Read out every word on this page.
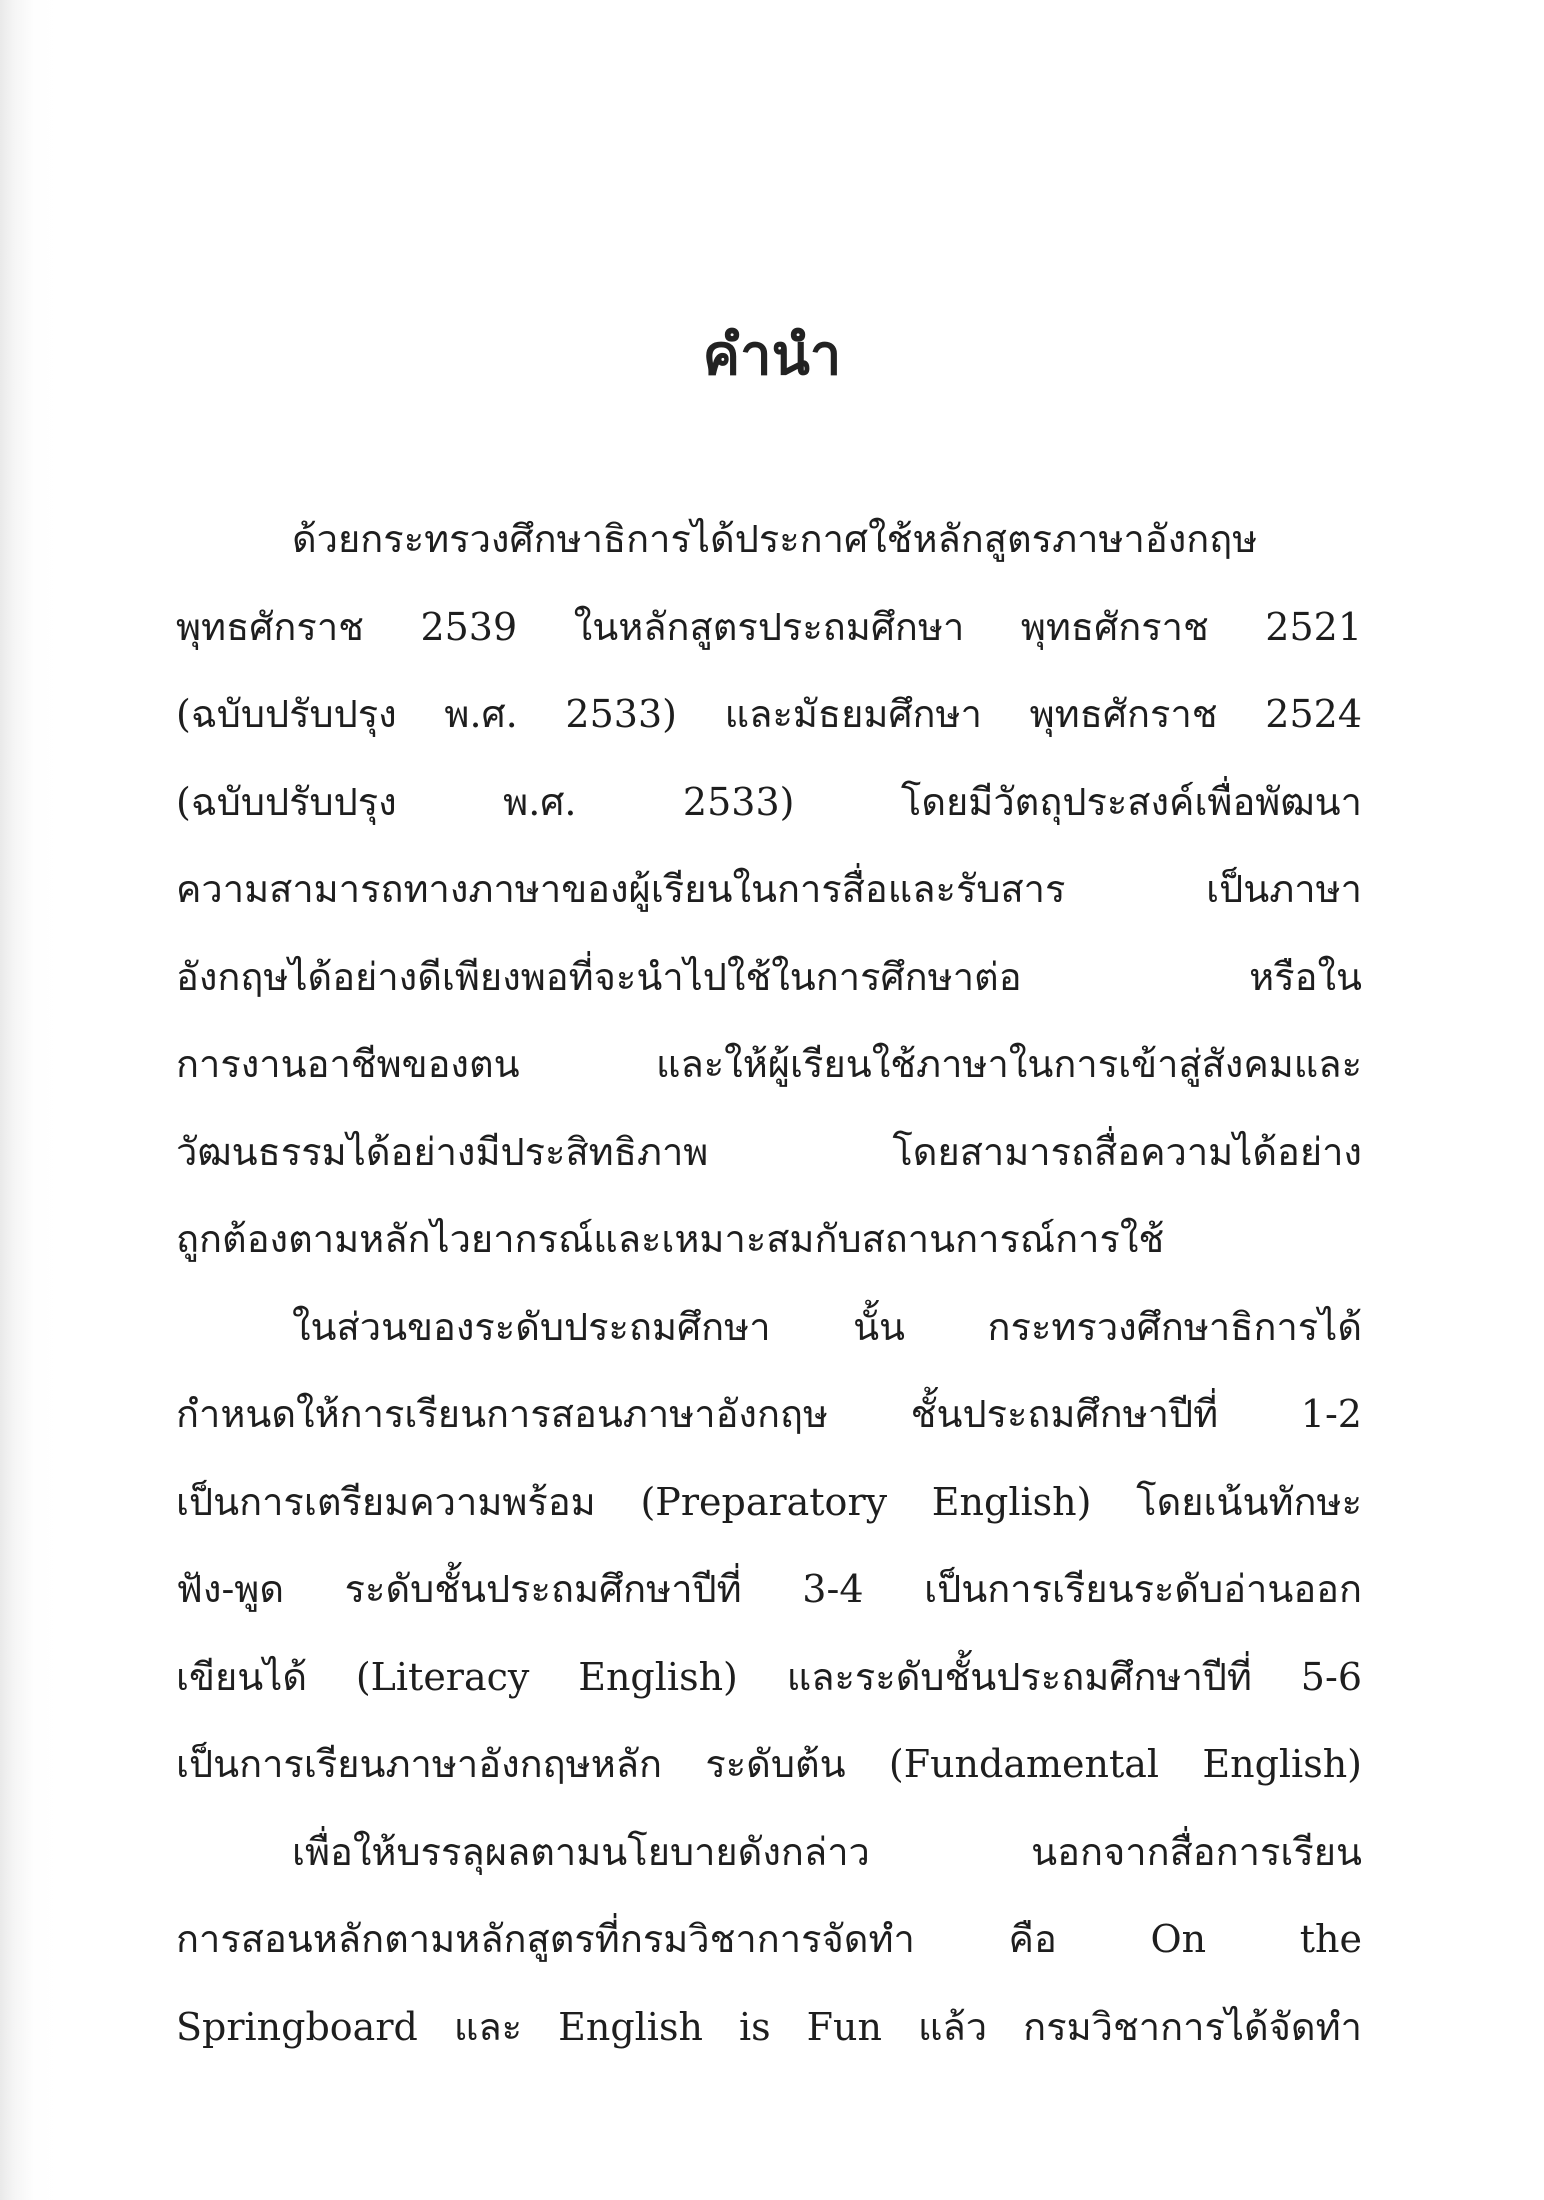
คำนำ
ด้วยกระทรวงศึกษาธิการได้ประกาศใช้หลักสูตรภาษาอังกฤษ
พุทธศักราช 2539 ในหลักสูตรประถมศึกษา พุทธศักราช 2521
(ฉบับปรับปรุง พ.ศ. 2533) และมัธยมศึกษา พุทธศักราช 2524
(ฉบับปรับปรุง พ.ศ. 2533) โดยมีวัตถุประสงค์เพื่อพัฒนา
ความสามารถทางภาษาของผู้เรียนในการสื่อและรับสาร เป็นภาษา
อังกฤษได้อย่างดีเพียงพอที่จะนำไปใช้ในการศึกษาต่อ หรือใน
การงานอาชีพของตน และให้ผู้เรียนใช้ภาษาในการเข้าสู่สังคมและ
วัฒนธรรมได้อย่างมีประสิทธิภาพ โดยสามารถสื่อความได้อย่าง
ถูกต้องตามหลักไวยากรณ์และเหมาะสมกับสถานการณ์การใช้
ในส่วนของระดับประถมศึกษา นั้น กระทรวงศึกษาธิการได้
กำหนดให้การเรียนการสอนภาษาอังกฤษ ชั้นประถมศึกษาปีที่ 1-2
เป็นการเตรียมความพร้อม (Preparatory English) โดยเน้นทักษะ
ฟัง-พูด ระดับชั้นประถมศึกษาปีที่ 3-4 เป็นการเรียนระดับอ่านออก
เขียนได้ (Literacy English) และระดับชั้นประถมศึกษาปีที่ 5-6
เป็นการเรียนภาษาอังกฤษหลัก ระดับต้น (Fundamental English)
เพื่อให้บรรลุผลตามนโยบายดังกล่าว นอกจากสื่อการเรียน
การสอนหลักตามหลักสูตรที่กรมวิชาการจัดทำ คือ On the
Springboard และ English is Fun แล้ว กรมวิชาการได้จัดทำ
